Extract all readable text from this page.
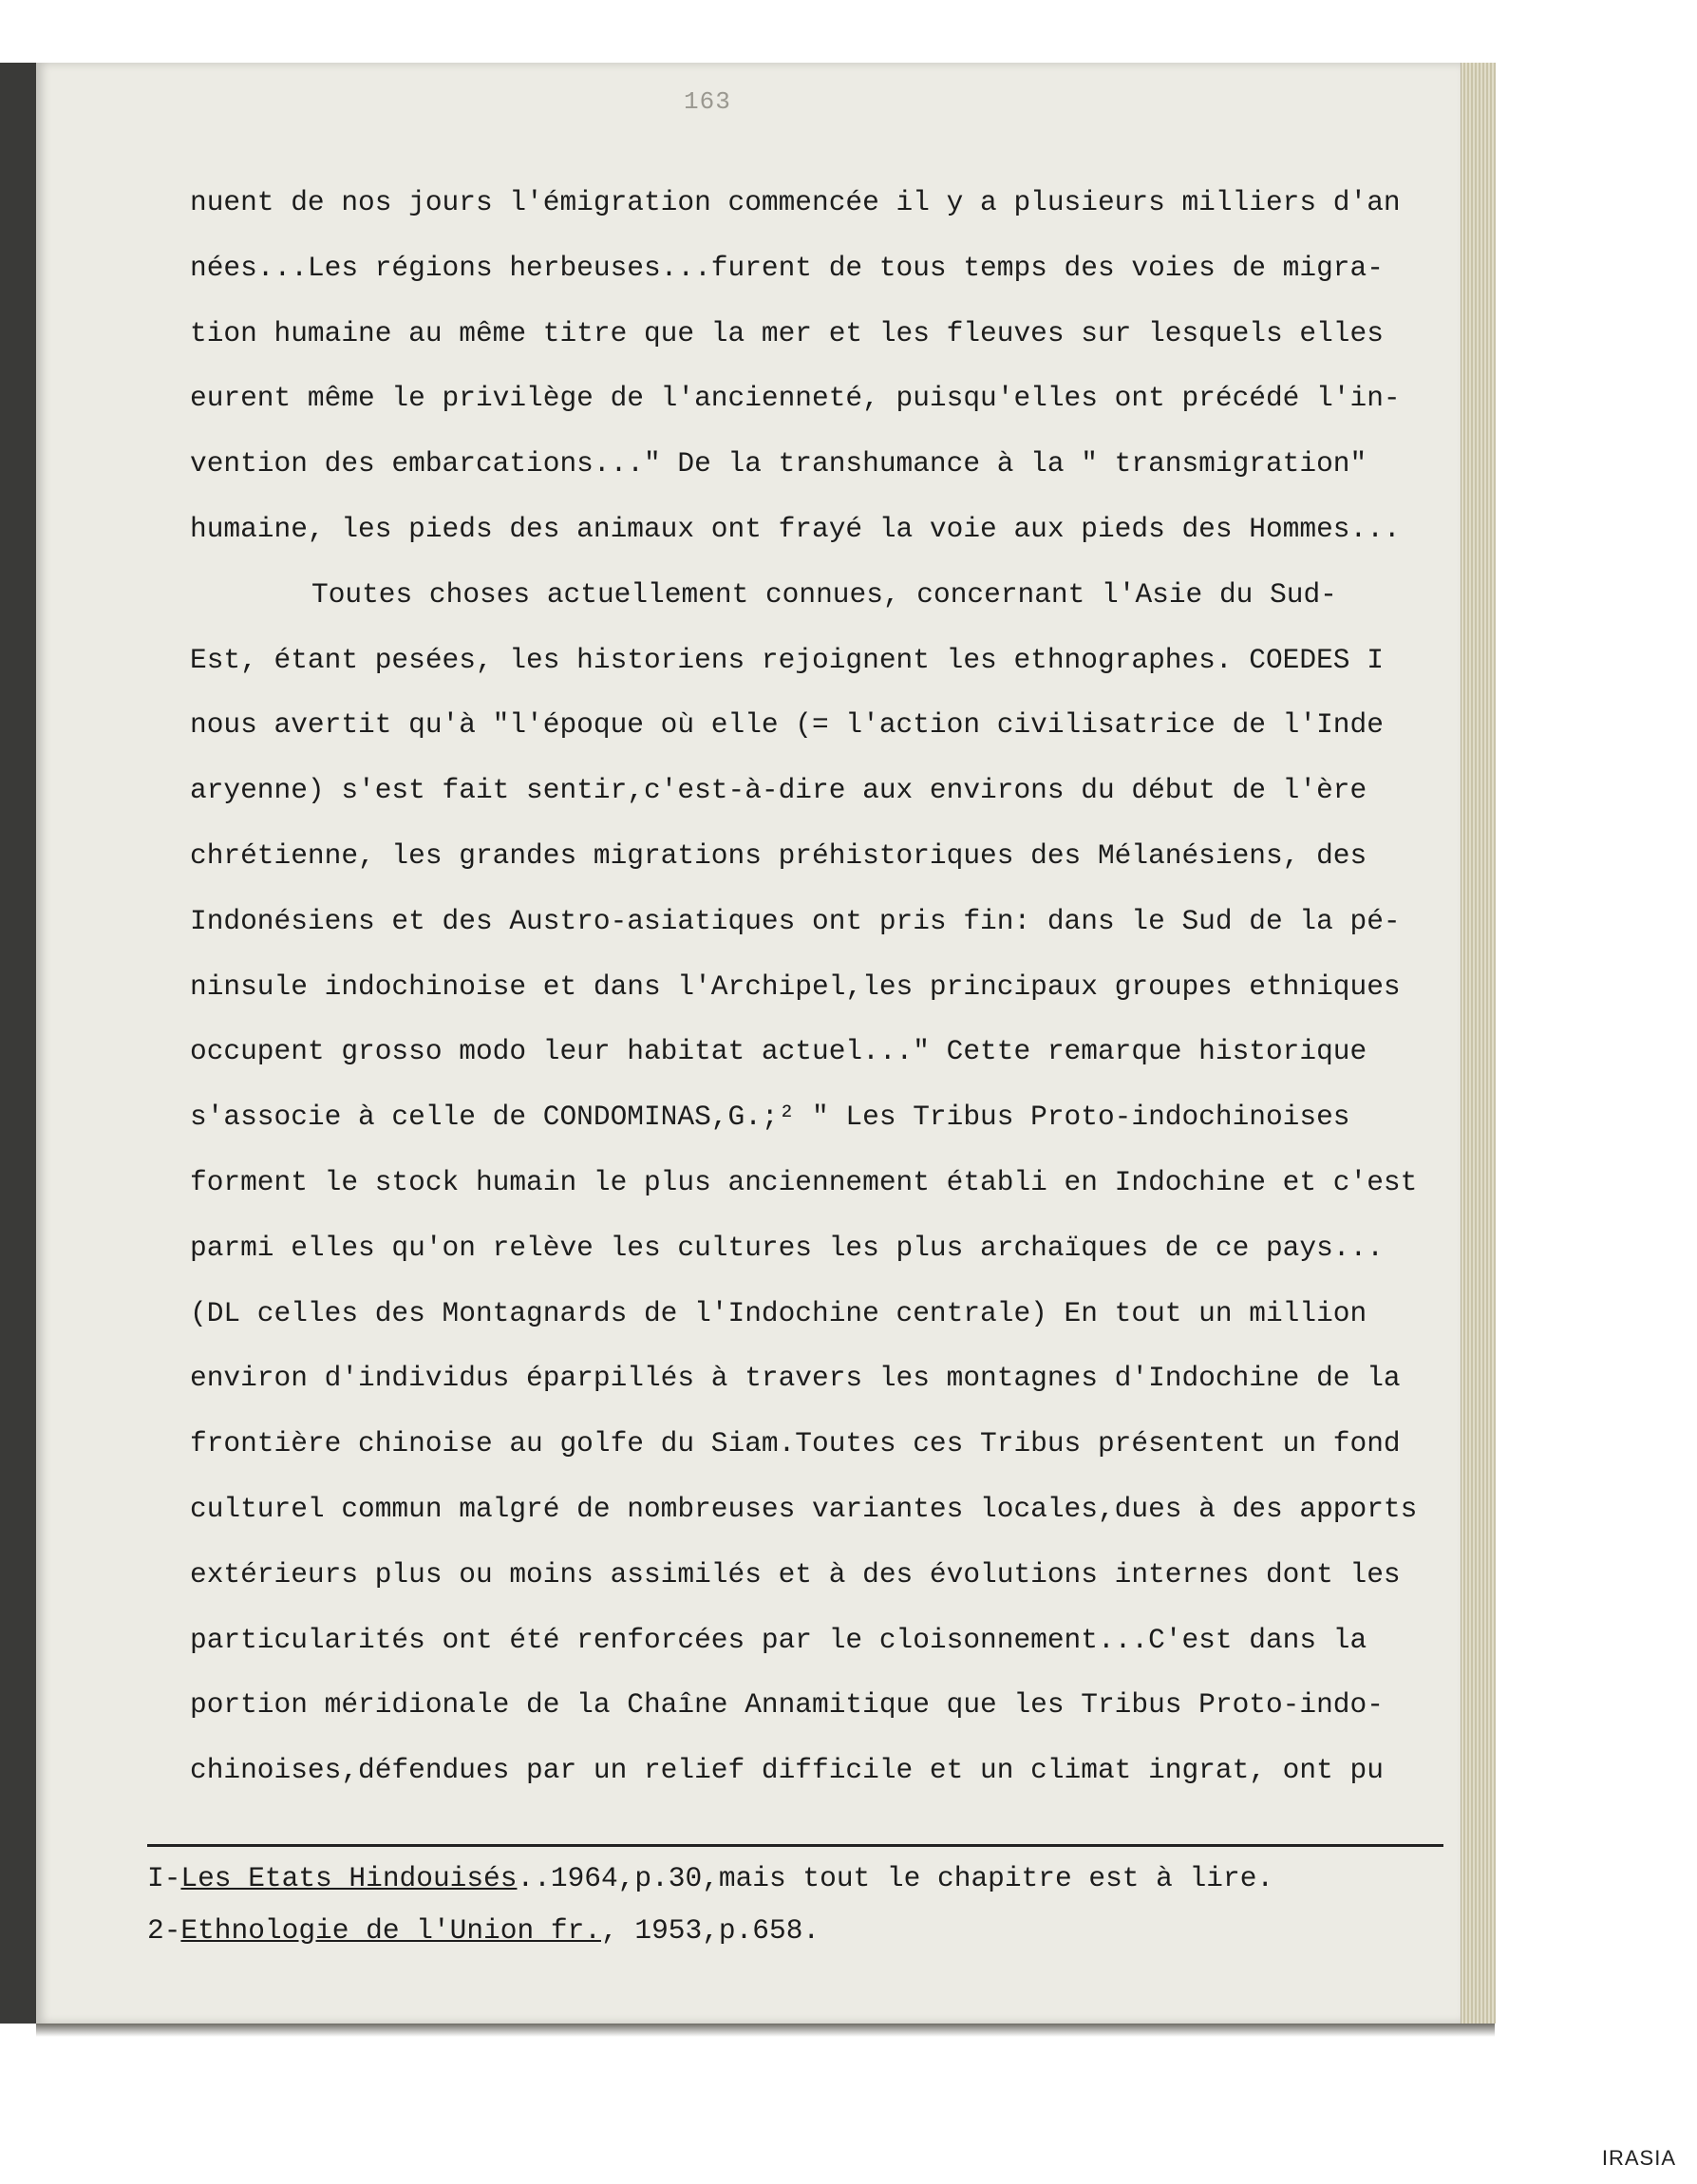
163

nuent de nos jours l'émigration commencée il y a plusieurs milliers d'an
nées...Les régions herbeuses...furent de tous temps des voies de migra-
tion humaine au même titre que la mer et les fleuves sur lesquels elles
eurent même le privilège de l'ancienneté, puisqu'elles ont précédé l'in-
vention des embarcations..." De la transhumance à la " transmigration"
humaine, les pieds des animaux ont frayé la voie aux pieds des Hommes...
Toutes choses actuellement connues, concernant l'Asie du Sud-
Est, étant pesées, les historiens rejoignent les ethnographes. COEDES I
nous avertit qu'à "l'époque où elle (= l'action civilisatrice de l'Inde
aryenne) s'est fait sentir,c'est-à-dire aux environs du début de l'ère
chrétienne, les grandes migrations préhistoriques des Mélanésiens, des
Indonésiens et des Austro-asiatiques ont pris fin: dans le Sud de la pé-
ninsule indochinoise et dans l'Archipel,les principaux groupes ethniques
occupent grosso modo leur habitat actuel..." Cette remarque historique
s'associe à celle de CONDOMINAS,G.;² " Les Tribus Proto-indochinoises
forment le stock humain le plus anciennement établi en Indochine et c'est
parmi elles qu'on relève les cultures les plus archaïques de ce pays...
(DL celles des Montagnards de l'Indochine centrale) En tout un million
environ d'individus éparpillés à travers les montagnes d'Indochine de la
frontière chinoise au golfe du Siam.Toutes ces Tribus présentent un fond
culturel commun malgré de nombreuses variantes locales,dues à des apports
extérieurs plus ou moins assimilés et à des évolutions internes dont les
particularités ont été renforcées par le cloisonnement...C'est dans la
portion méridionale de la Chaîne Annamitique que les Tribus Proto-indo-
chinoises,défendues par un relief difficile et un climat ingrat, ont pu
I-Les Etats Hindouisés..1964,p.30,mais tout le chapitre est à lire.
2-Ethnologie de l'Union fr., 1953,p.658.

IRASIA
